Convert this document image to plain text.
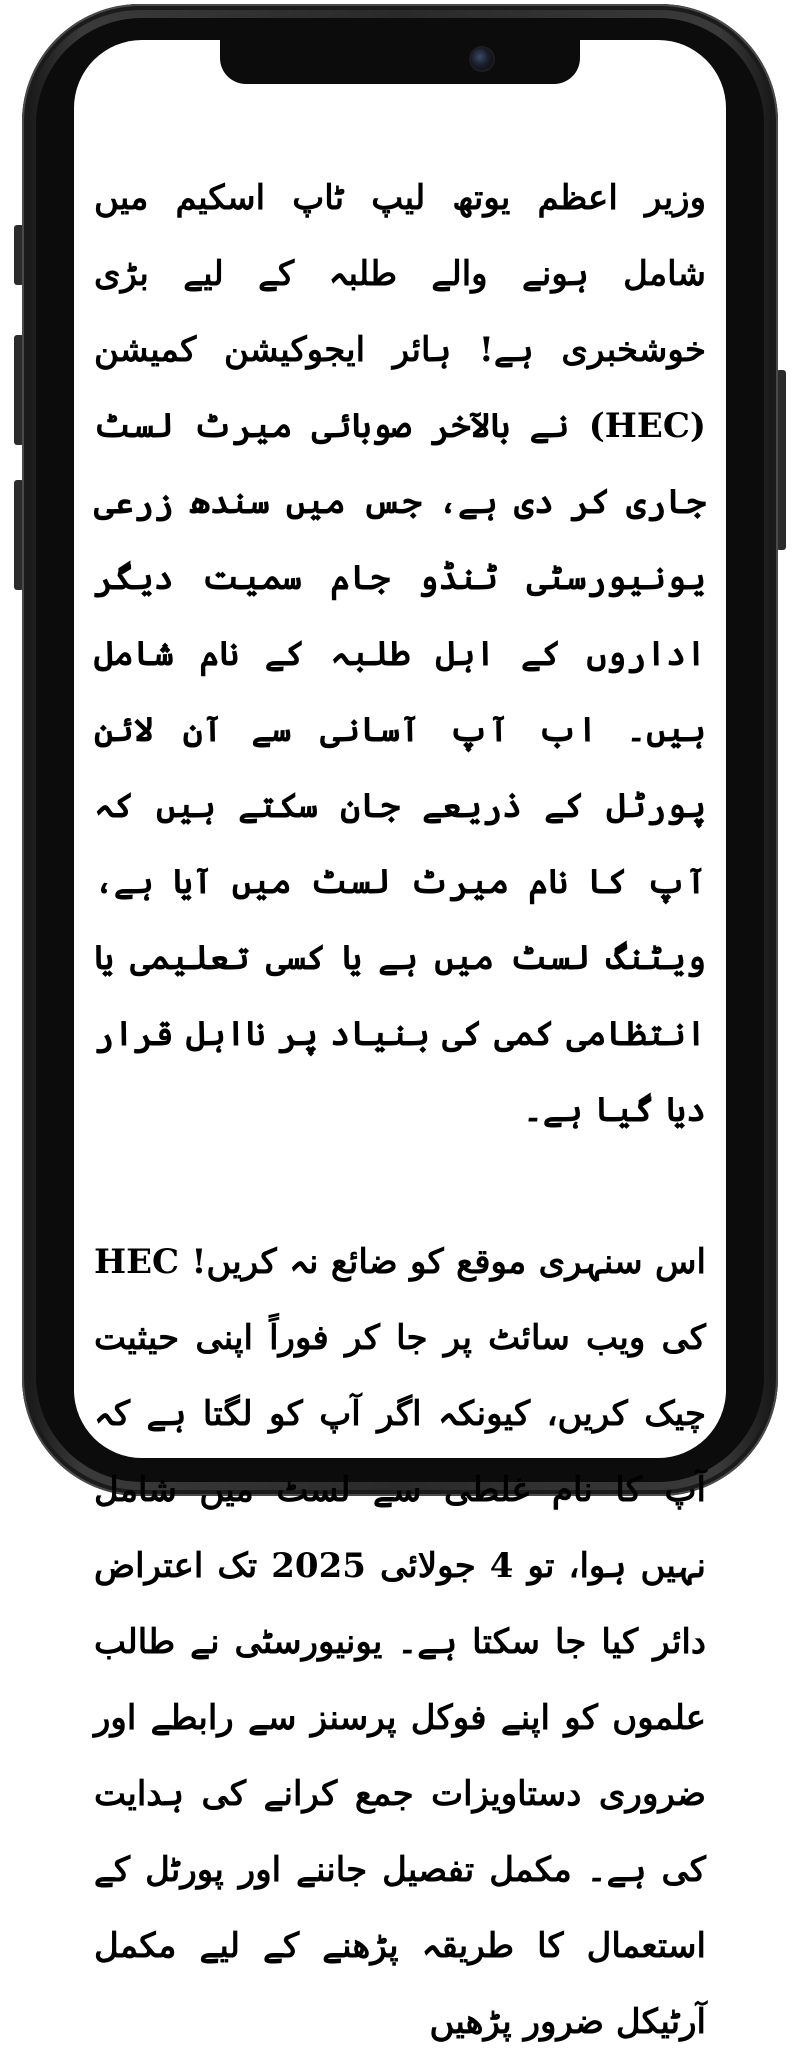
وزیر اعظم یوتھ لیپ ٹاپ اسکیم میں شامل ہونے والے طلبہ کے لیے بڑی خوشخبری ہے! ہائر ایجوکیشن کمیشن (HEC) نے بالآخر صوبائی میرٹ لسٹ جاری کر دی ہے، جس میں سندھ زرعی یونیورسٹی ٹنڈو جام سمیت دیگر اداروں کے اہل طلبہ کے نام شامل ہیں۔ اب آپ آسانی سے آن لائن پورٹل کے ذریعے جان سکتے ہیں کہ آپ کا نام میرٹ لسٹ میں آیا ہے، ویٹنگ لسٹ میں ہے یا کسی تعلیمی یا انتظامی کمی کی بنیاد پر نااہل قرار دیا گیا ہے۔

اس سنہری موقع کو ضائع نہ کریں! HEC کی ویب سائٹ پر جا کر فوراً اپنی حیثیت چیک کریں، کیونکہ اگر آپ کو لگتا ہے کہ آپ کا نام غلطی سے لسٹ میں شامل نہیں ہوا، تو 4 جولائی 2025 تک اعتراض دائر کیا جا سکتا ہے۔ یونیورسٹی نے طالب علموں کو اپنے فوکل پرسنز سے رابطے اور ضروری دستاویزات جمع کرانے کی ہدایت کی ہے۔ مکمل تفصیل جاننے اور پورٹل کے استعمال کا طریقہ پڑھنے کے لیے مکمل آرٹیکل ضرور پڑھیں
